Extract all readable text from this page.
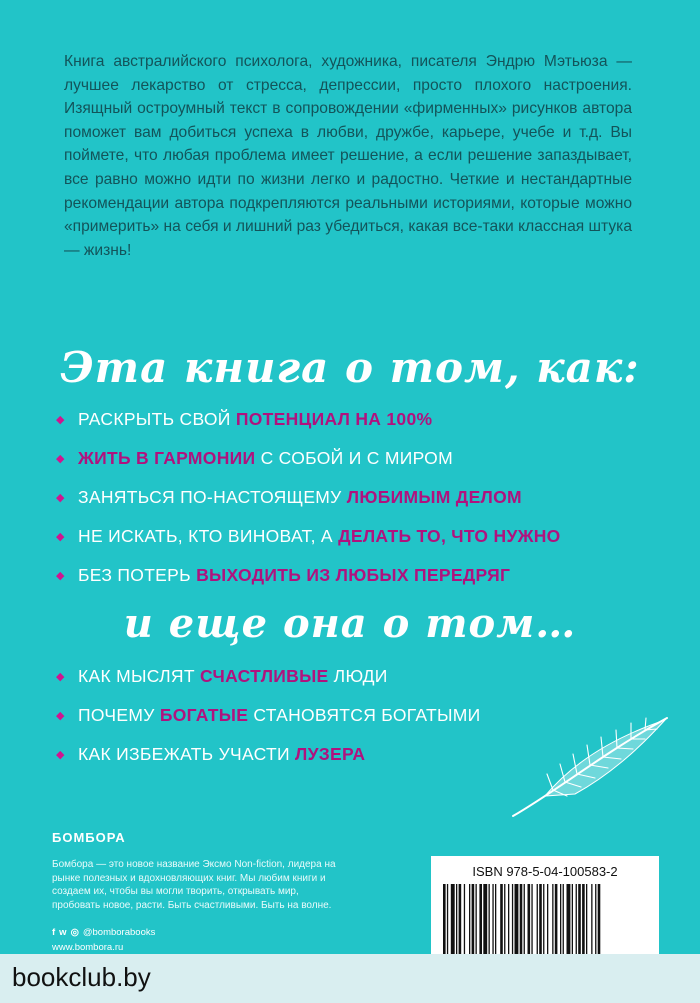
Книга австралийского психолога, художника, писателя Эндрю Мэтьюза — лучшее лекарство от стресса, депрессии, просто плохого настроения. Изящный остроумный текст в сопровождении «фирменных» рисунков автора поможет вам добиться успеха в любви, дружбе, карьере, учебе и т.д. Вы поймете, что любая проблема имеет решение, а если решение запаздывает, все равно можно идти по жизни легко и радостно. Четкие и нестандартные рекомендации автора подкрепляются реальными историями, которые можно «примерить» на себя и лишний раз убедиться, какая все-таки классная штука — жизнь!

Эта книга о том, как:
◆ РАСКРЫТЬ СВОЙ ПОТЕНЦИАЛ НА 100%
◆ ЖИТЬ В ГАРМОНИИ С СОБОЙ И С МИРОМ
◆ ЗАНЯТЬСЯ ПО-НАСТОЯЩЕМУ ЛЮБИМЫМ ДЕЛОМ
◆ НЕ ИСКАТЬ, КТО ВИНОВАТ, А ДЕЛАТЬ ТО, ЧТО НУЖНО
◆ БЕЗ ПОТЕРЬ ВЫХОДИТЬ ИЗ ЛЮБЫХ ПЕРЕДРЯГ
и еще она о том…
◆ КАК МЫСЛЯТ СЧАСТЛИВЫЕ ЛЮДИ
◆ ПОЧЕМУ БОГАТЫЕ СТАНОВЯТСЯ БОГАТЫМИ
◆ КАК ИЗБЕЖАТЬ УЧАСТИ ЛУЗЕРА

БОМБОРА

Бомбора — это новое название Эксмо Non-fiction, лидера на рынке полезных и вдохновляющих книг. Мы любим книги и создаем их, чтобы вы могли творить, открывать мир, пробовать новое, расти. Быть счастливыми. Быть на волне.

f ᴡ ◎ @bomborabooks
www.bombora.ru
ISBN 978-5-04-100583-2
bookclub.by
